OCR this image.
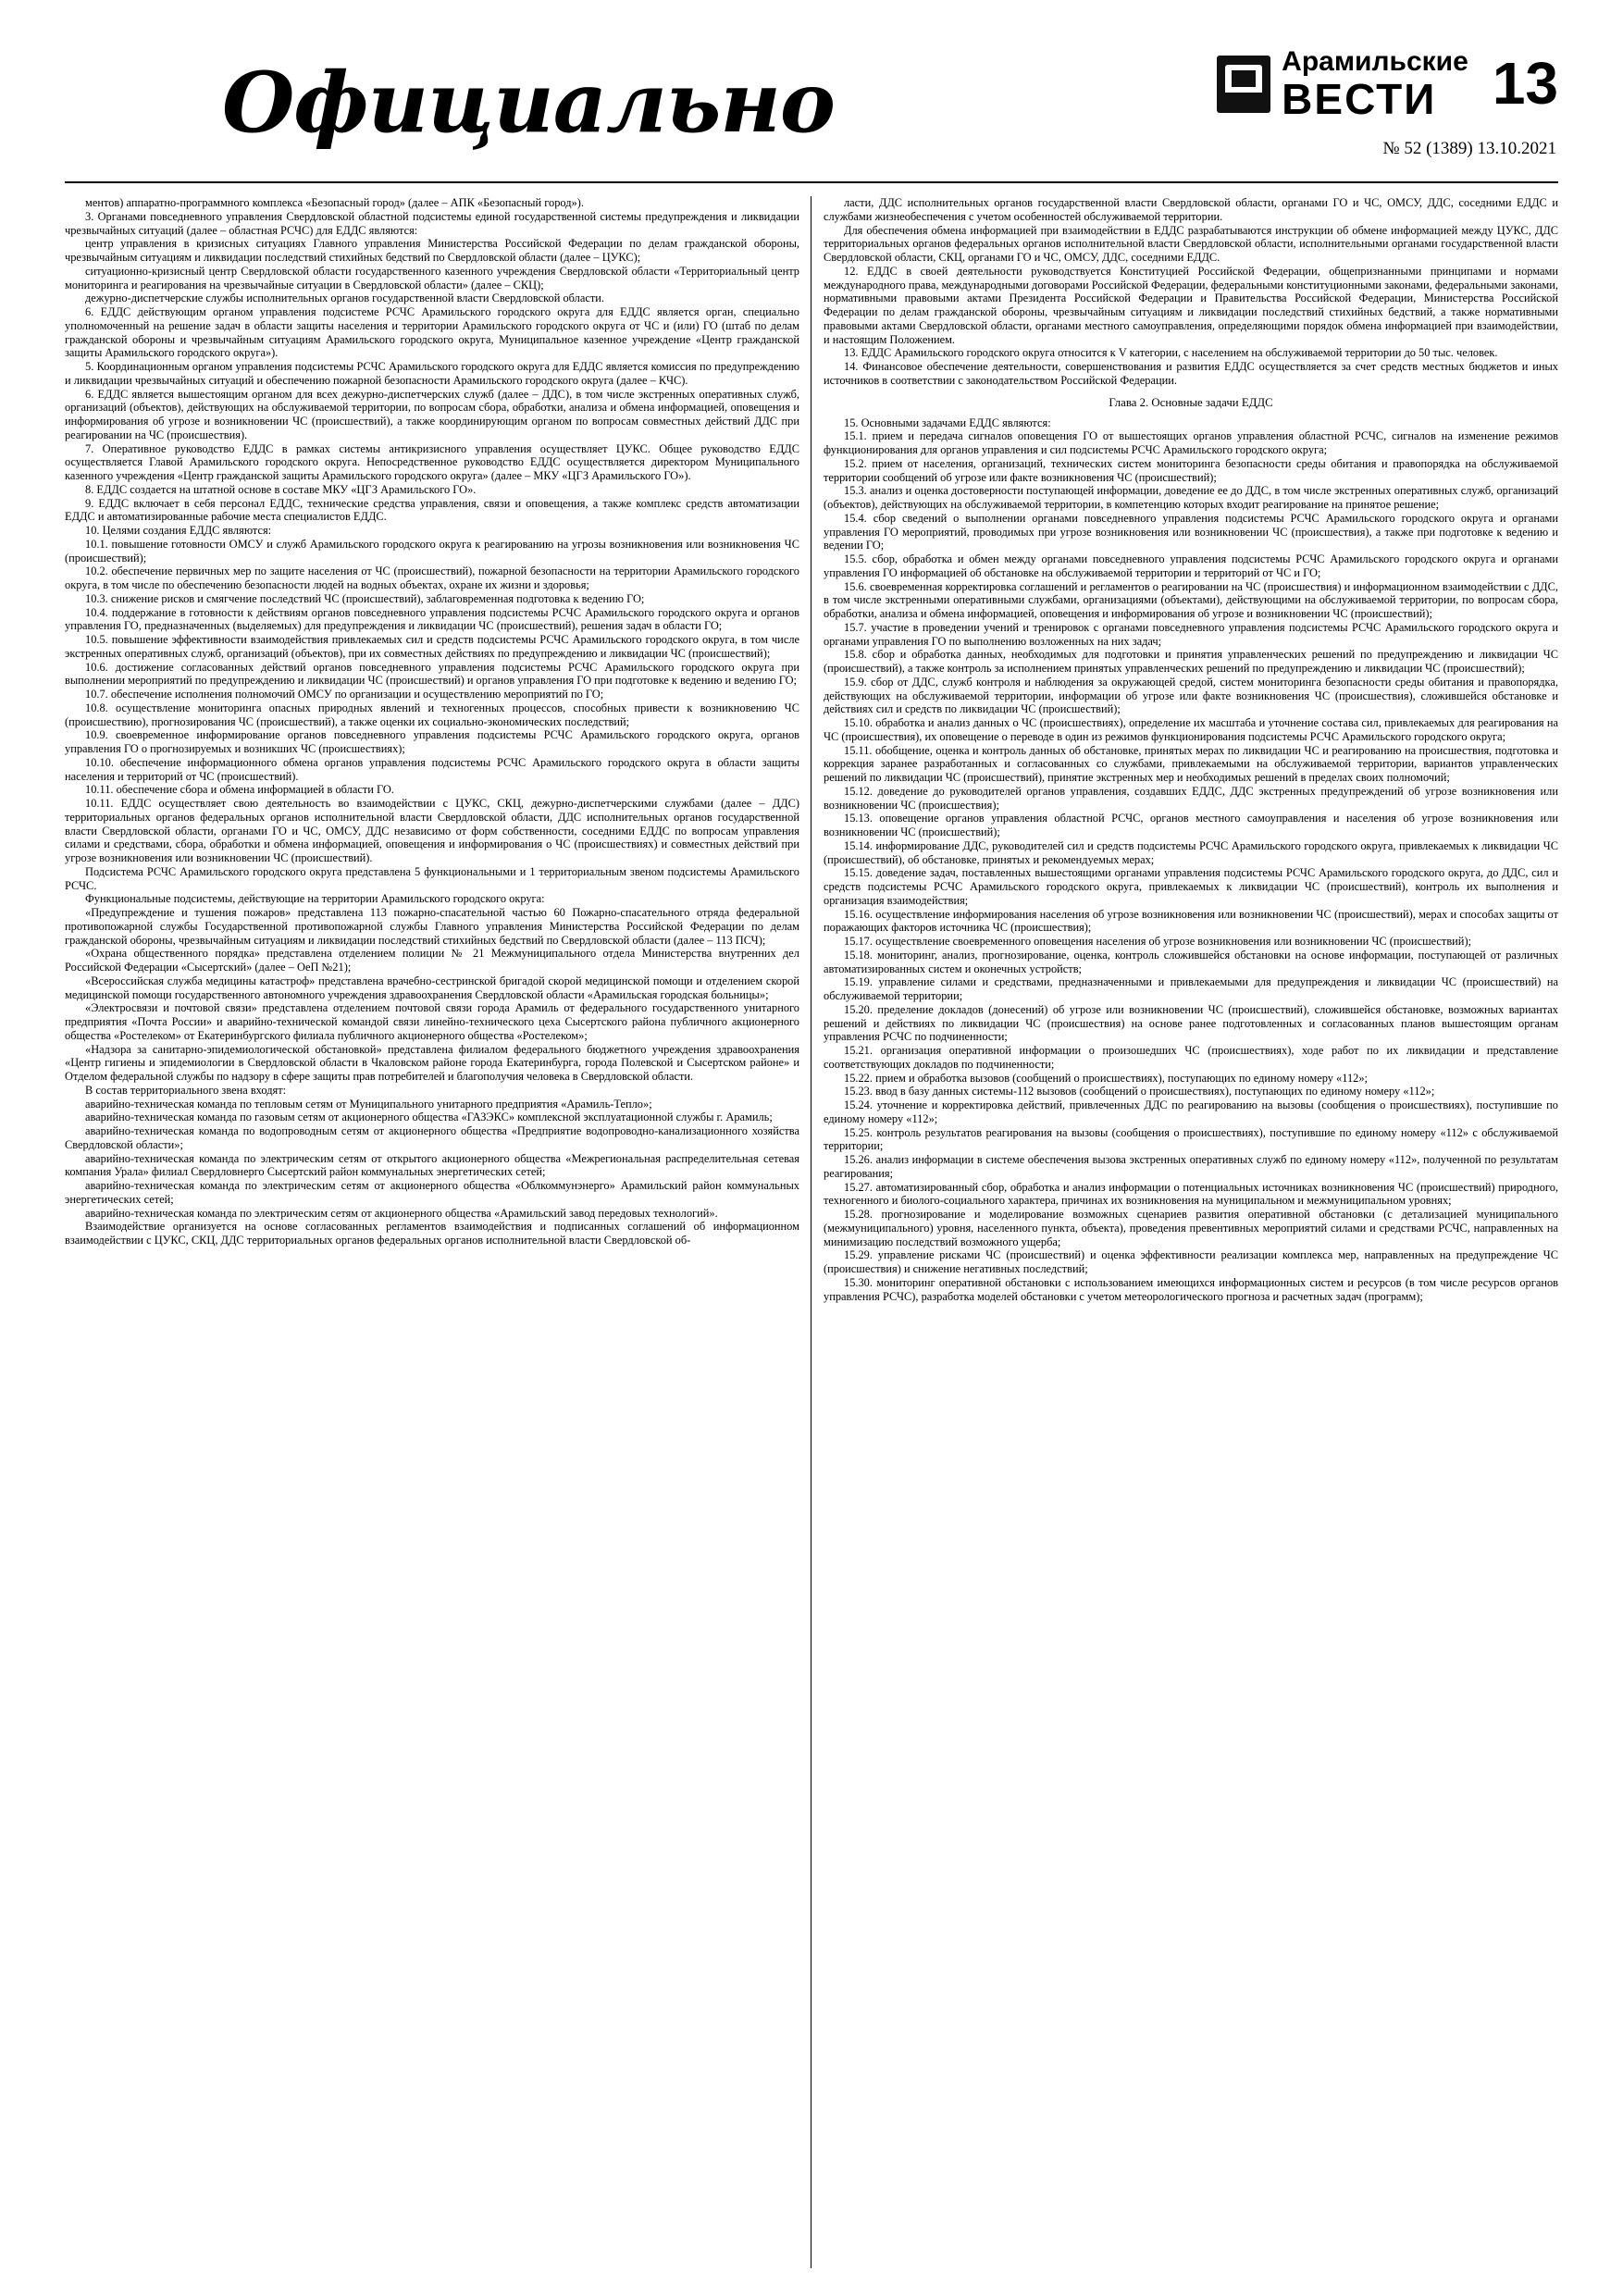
Официально	Арамильские
ВЕСТИ 13
№ 52 (1389) 13.10.2021

ментов) аппаратно-программного комплекса «Безопасный город» (далее – АПК «Безопасный город»).

3. Органами повседневного управления Свердловской областной подсистемы единой государственной системы предупреждения и ликвидации чрезвычайных ситуаций (далее – областная РСЧС) для ЕДДС являются:

центр управления в кризисных ситуациях Главного управления Министерства Российской Федерации по делам гражданской обороны, чрезвычайным ситуациям и ликвидации последствий стихийных бедствий по Свердловской области (далее – ЦУКС);

ситуационно-кризисный центр Свердловской области государственного казенного учреждения Свердловской области «Территориальный центр мониторинга и реагирования на чрезвычайные ситуации в Свердловской области» (далее – СКЦ);

дежурно-диспетчерские службы исполнительных органов государственной власти Свердловской области.

6. ЕДДС действующим органом управления подсистеме РСЧС Арамильского городского округа для ЕДДС является орган, специально уполномоченный на решение задач в области защиты населения и территории Арамильского городского округа от ЧС и (или) ГО (штаб по делам гражданской обороны и чрезвычайным ситуациям Арамильского городского округа, Муниципальное казенное учреждение «Центр гражданской защиты Арамильского городского округа»).

5. Координационным органом управления подсистемы РСЧС Арамильского городского округа для ЕДДС является комиссия по предупреждению и ликвидации чрезвычайных ситуаций и обеспечению пожарной безопасности Арамильского городского округа (далее – КЧС).

6. ЕДДС является вышестоящим органом для всех дежурно-диспетчерских служб (далее – ДДС), в том числе экстренных оперативных служб, организаций (объектов), действующих на обслуживаемой территории, по вопросам сбора, обработки, анализа и обмена информацией, оповещения и информирования об угрозе и возникновении ЧС (происшествий), а также координирующим органом по вопросам совместных действий ДДС при реагировании на ЧС (происшествия).

7. Оперативное руководство ЕДДС в рамках системы антикризисного управления осуществляет ЦУКС. Общее руководство ЕДДС осуществляется Главой Арамильского городского округа. Непосредственное руководство ЕДДС осуществляется директором Муниципального казенного учреждения «Центр гражданской защиты Арамильского городского округа» (далее – МКУ «ЦГЗ Арамильского ГО»).

8. ЕДДС создается на штатной основе в составе МКУ «ЦГЗ Арамильского ГО».

9. ЕДДС включает в себя персонал ЕДДС, технические средства управления, связи и оповещения, а также комплекс средств автоматизации ЕДДС и автоматизированные рабочие места специалистов ЕДДС.

10. Целями создания ЕДДС являются:

10.1. повышение готовности ОМСУ и служб Арамильского городского округа к реагированию на угрозы возникновения или возникновения ЧС (происшествий);

10.2. обеспечение первичных мер по защите населения от ЧС (происшествий), пожарной безопасности на территории Арамильского городского округа, в том числе по обеспечению безопасности людей на водных объектах, охране их жизни и здоровья;

10.3. снижение рисков и смягчение последствий ЧС (происшествий), заблаговременная подготовка к ведению ГО;

10.4. поддержание в готовности к действиям органов повседневного управления подсистемы РСЧС Арамильского городского округа и органов управления ГО, предназначенных (выделяемых) для предупреждения и ликвидации ЧС (происшествий), решения задач в области ГО;

10.5. повышение эффективности взаимодействия привлекаемых сил и средств подсистемы РСЧС Арамильского городского округа, в том числе экстренных оперативных служб, организаций (объектов), при их совместных действиях по предупреждению и ликвидации ЧС (происшествий);

10.6. достижение согласованных действий органов повседневного управления подсистемы РСЧС Арамильского городского округа при выполнении мероприятий по предупреждению и ликвидации ЧС (происшествий) и органов управления ГО при подготовке к ведению и ведению ГО;

10.7. обеспечение исполнения полномочий ОМСУ по организации и осуществлению мероприятий по ГО;

10.8. осуществление мониторинга опасных природных явлений и техногенных процессов, способных привести к возникновению ЧС (происшествию), прогнозирования ЧС (происшествий), а также оценки их социально-экономических последствий;

10.9. своевременное информирование органов повседневного управления подсистемы РСЧС Арамильского городского округа, органов управления ГО о прогнозируемых и возникших ЧС (происшествиях);

10.10. обеспечение информационного обмена органов управления подсистемы РСЧС Арамильского городского округа в области защиты населения и территорий от ЧС (происшествий).

10.11. обеспечение сбора и обмена информацией в области ГО.

10.11. ЕДДС осуществляет свою деятельность во взаимодействии с ЦУКС, СКЦ, дежурно-диспетчерскими службами (далее – ДДС) территориальных органов федеральных органов исполнительной власти Свердловской области, ДДС исполнительных органов государственной власти Свердловской области, органами ГО и ЧС, ОМСУ, ДДС независимо от форм собственности, соседними ЕДДС по вопросам управления силами и средствами, сбора, обработки и обмена информацией, оповещения и информирования о ЧС (происшествиях) и совместных действий при угрозе возникновения или возникновении ЧС (происшествий).

Подсистема РСЧС Арамильского городского округа представлена 5 функциональными и 1 территориальным звеном подсистемы Арамильского РСЧС.

Функциональные подсистемы, действующие на территории Арамильского городского округа:

«Предупреждение и тушения пожаров» представлена 113 пожарно-спасательной частью 60 Пожарно-спасательного отряда федеральной противопожарной службы Государственной противопожарной службы Главного управления Министерства Российской Федерации по делам гражданской обороны, чрезвычайным ситуациям и ликвидации последствий стихийных бедствий по Свердловской области (далее – 113 ПСЧ);

«Охрана общественного порядка» представлена отделением полиции № 21 Межмуниципального отдела Министерства внутренних дел Российской Федерации «Сысертский» (далее – ОеП №21);

«Всероссийская служба медицины катастроф» представлена врачебно-сестринской бригадой скорой медицинской помощи и отделением скорой медицинской помощи государственного автономного учреждения здравоохранения Свердловской области «Арамильская городская больницы»;

«Электросвязи и почтовой связи» представлена отделением почтовой связи города Арамиль от федерального государственного унитарного предприятия «Почта России» и аварийно-технической командой связи линейно-технического цеха Сысертского района публичного акционерного общества «Ростелеком» от Екатеринбургского филиала публичного акционерного общества «Ростелеком»;

«Надзора за санитарно-эпидемиологической обстановкой» представлена филиалом федерального бюджетного учреждения здравоохранения «Центр гигиены и эпидемиологии в Свердловской области в Чкаловском районе города Екатеринбурга, города Полевской и Сысертском районе» и Отделом федеральной службы по надзору в сфере защиты прав потребителей и благополучия человека в Свердловской области.

В состав территориального звена входят:

аварийно-техническая команда по тепловым сетям от Муниципального унитарного предприятия «Арамиль-Тепло»;

аварийно-техническая команда по газовым сетям от акционерного общества «ГАЗЭКС» комплексной эксплуатационной службы г. Арамиль;

аварийно-техническая команда по водопроводным сетям от акционерного общества «Предприятие водопроводно-канализационного хозяйства Свердловской области»;

аварийно-техническая команда по электрическим сетям от открытого акционерного общества «Межрегиональная распределительная сетевая компания Урала» филиал Свердловнерго Сысертский район коммунальных энергетических сетей;

аварийно-техническая команда по электрическим сетям от акционерного общества «Облкоммунэнерго» Арамильский район коммунальных энергетических сетей;

аварийно-техническая команда по электрическим сетям от акционерного общества «Арамильский завод передовых технологий».

Взаимодействие организуется на основе согласованных регламентов взаимодействия и подписанных соглашений об информационном взаимодействии с ЦУКС, СКЦ, ДДС территориальных органов федеральных органов исполнительной власти Свердловской об-

ласти, ДДС исполнительных органов государственной власти Свердловской области, органами ГО и ЧС, ОМСУ, ДДС, соседними ЕДДС и службами жизнеобеспечения с учетом особенностей обслуживаемой территории.

Для обеспечения обмена информацией при взаимодействии в ЕДДС разрабатываются инструкции об обмене информацией между ЦУКС, ДДС территориальных органов федеральных органов исполнительной власти Свердловской области, исполнительными органами государственной власти Свердловской области, СКЦ, органами ГО и ЧС, ОМСУ, ДДС, соседними ЕДДС.

12. ЕДДС в своей деятельности руководствуется Конституцией Российской Федерации, общепризнанными принципами и нормами международного права, международными договорами Российской Федерации, федеральными конституционными законами, федеральными законами, нормативными правовыми актами Президента Российской Федерации и Правительства Российской Федерации, Министерства Российской Федерации по делам гражданской обороны, чрезвычайным ситуациям и ликвидации последствий стихийных бедствий, а также нормативными правовыми актами Свердловской области, органами местного самоуправления, определяющими порядок обмена информацией при взаимодействии, и настоящим Положением.

13. ЕДДС Арамильского городского округа относится к V категории, с населением на обслуживаемой территории до 50 тыс. человек.

14. Финансовое обеспечение деятельности, совершенствования и развития ЕДДС осуществляется за счет средств местных бюджетов и иных источников в соответствии с законодательством Российской Федерации.

Глава 2. Основные задачи ЕДДС

15. Основными задачами ЕДДС являются:

15.1. прием и передача сигналов оповещения ГО от вышестоящих органов управления областной РСЧС, сигналов на изменение режимов функционирования для органов управления и сил подсистемы РСЧС Арамильского городского округа;

15.2. прием от населения, организаций, технических систем мониторинга безопасности среды обитания и правопорядка на обслуживаемой территории сообщений об угрозе или факте возникновения ЧС (происшествий);

15.3. анализ и оценка достоверности поступающей информации, доведение ее до ДДС, в том числе экстренных оперативных служб, организаций (объектов), действующих на обслуживаемой территории, в компетенцию которых входит реагирование на принятое решение;

15.4. сбор сведений о выполнении органами повседневного управления подсистемы РСЧС Арамильского городского округа и органами управления ГО мероприятий, проводимых при угрозе возникновения или возникновении ЧС (происшествия), а также при подготовке к ведению и ведении ГО;

15.5. сбор, обработка и обмен между органами повседневного управления подсистемы РСЧС Арамильского городского округа и органами управления ГО информацией об обстановке на обслуживаемой территории и территорий от ЧС и ГО;

15.6. своевременная корректировка соглашений и регламентов о реагировании на ЧС (происшествия) и информационном взаимодействии с ДДС, в том числе экстренными оперативными службами, организациями (объектами), действующими на обслуживаемой территории, по вопросам сбора, обработки, анализа и обмена информацией, оповещения и информирования об угрозе и возникновении ЧС (происшествий);

15.7. участие в проведении учений и тренировок с органами повседневного управления подсистемы РСЧС Арамильского городского округа и органами управления ГО по выполнению возложенных на них задач;

15.8. сбор и обработка данных, необходимых для подготовки и принятия управленческих решений по предупреждению и ликвидации ЧС (происшествий), а также контроль за исполнением принятых управленческих решений по предупреждению и ликвидации ЧС (происшествий);

15.9. сбор от ДДС, служб контроля и наблюдения за окружающей средой, систем мониторинга безопасности среды обитания и правопорядка, действующих на обслуживаемой территории, информации об угрозе или факте возникновения ЧС (происшествия), сложившейся обстановке и действиях сил и средств по ликвидации ЧС (происшествий);

15.10. обработка и анализ данных о ЧС (происшествиях), определение их масштаба и уточнение состава сил, привлекаемых для реагирования на ЧС (происшествия), их оповещение о переводе в один из режимов функционирования подсистемы РСЧС Арамильского городского округа;

15.11. обобщение, оценка и контроль данных об обстановке, принятых мерах по ликвидации ЧС и реагированию на происшествия, подготовка и коррекция заранее разработанных и согласованных со службами, привлекаемыми на обслуживаемой территории, вариантов управленческих решений по ликвидации ЧС (происшествий), принятие экстренных мер и необходимых решений в пределах своих полномочий;

15.12. доведение до руководителей органов управления, создавших ЕДДС, ДДС экстренных предупреждений об угрозе возникновения или возникновении ЧС (происшествия);

15.13. оповещение органов управления областной РСЧС, органов местного самоуправления и населения об угрозе возникновения или возникновении ЧС (происшествий);

15.14. информирование ДДС, руководителей сил и средств подсистемы РСЧС Арамильского городского округа, привлекаемых к ликвидации ЧС (происшествий), об обстановке, принятых и рекомендуемых мерах;

15.15. доведение задач, поставленных вышестоящими органами управления подсистемы РСЧС Арамильского городского округа, до ДДС, сил и средств подсистемы РСЧС Арамильского городского округа, привлекаемых к ликвидации ЧС (происшествий), контроль их выполнения и организация взаимодействия;

15.16. осуществление информирования населения об угрозе возникновения или возникновении ЧС (происшествий), мерах и способах защиты от поражающих факторов источника ЧС (происшествия);

15.17. осуществление своевременного оповещения населения об угрозе возникновения или возникновении ЧС (происшествий);

15.18. мониторинг, анализ, прогнозирование, оценка, контроль сложившейся обстановки на основе информации, поступающей от различных автоматизированных систем и оконечных устройств;

15.19. управление силами и средствами, предназначенными и привлекаемыми для предупреждения и ликвидации ЧС (происшествий) на обслуживаемой территории;

15.20. пределение докладов (донесений) об угрозе или возникновении ЧС (происшествий), сложившейся обстановке, возможных вариантах решений и действиях по ликвидации ЧС (происшествия) на основе ранее подготовленных и согласованных планов вышестоящим органам управления РСЧС по подчиненности;

15.21. организация оперативной информации о произошедших ЧС (происшествиях), ходе работ по их ликвидации и представление соответствующих докладов по подчиненности;

15.22. прием и обработка вызовов (сообщений о происшествиях), поступающих по единому номеру «112»;

15.23. ввод в базу данных системы-112 вызовов (сообщений о происшествиях), поступающих по единому номеру «112»;

15.24. уточнение и корректировка действий, привлеченных ДДС по реагированию на вызовы (сообщения о происшествиях), поступившие по единому номеру «112»;

15.25. контроль результатов реагирования на вызовы (сообщения о происшествиях), поступившие по единому номеру «112» с обслуживаемой территории;

15.26. анализ информации в системе обеспечения вызова экстренных оперативных служб по единому номеру «112», полученной по результатам реагирования;

15.27. автоматизированный сбор, обработка и анализ информации о потенциальных источниках возникновения ЧС (происшествий) природного, техногенного и биолого-социального характера, причинах их возникновения на муниципальном и межмуниципальном уровнях;

15.28. прогнозирование и моделирование возможных сценариев развития оперативной обстановки (с детализацией муниципального (межмуниципального) уровня, населенного пункта, объекта), проведения превентивных мероприятий силами и средствами РСЧС, направленных на минимизацию последствий возможного ущерба;

15.29. управление рисками ЧС (происшествий) и оценка эффективности реализации комплекса мер, направленных на предупреждение ЧС (происшествия) и снижение негативных последствий;

15.30. мониторинг оперативной обстановки с использованием имеющихся информационных систем и ресурсов (в том числе ресурсов органов управления РСЧС), разработка моделей обстановки с учетом метеорологического прогноза и расчетных задач (программ);
